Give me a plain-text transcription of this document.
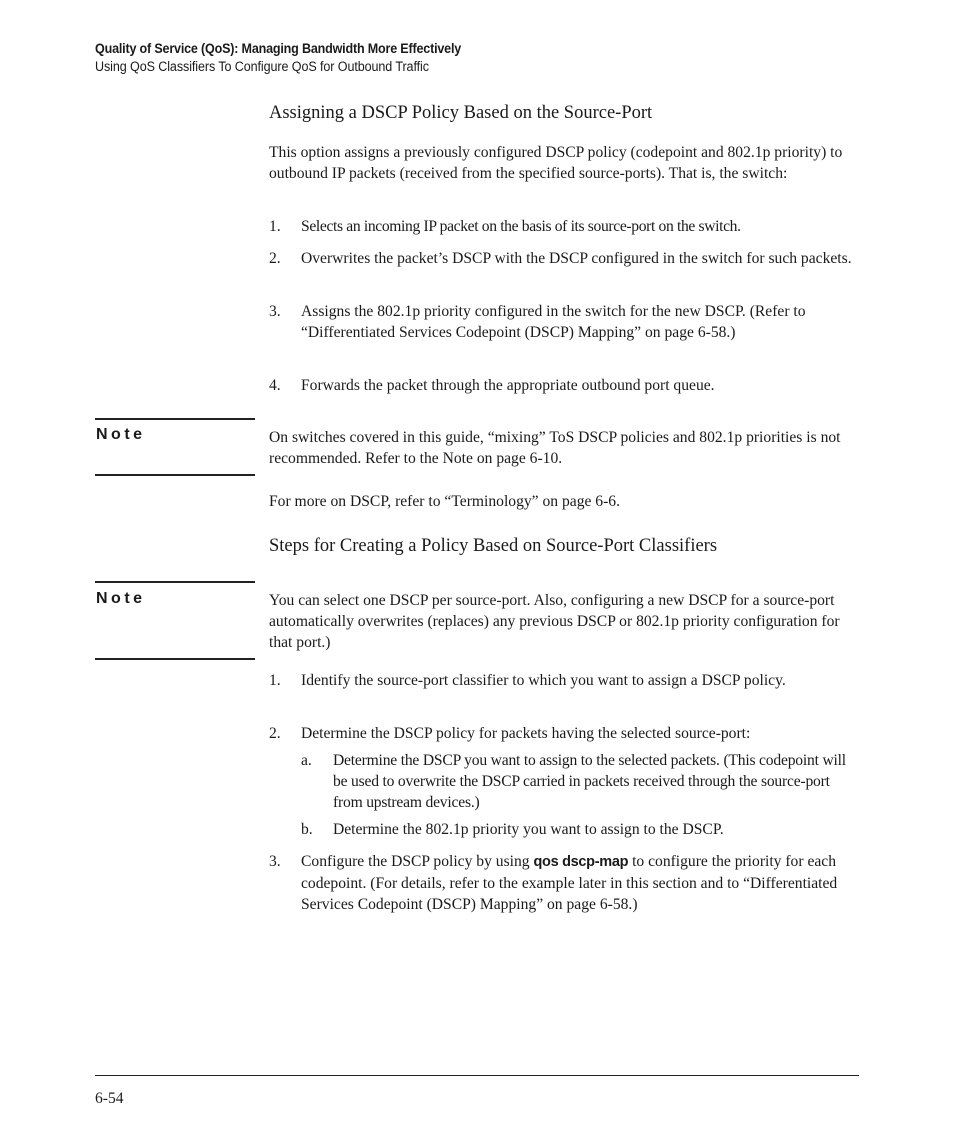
Quality of Service (QoS): Managing Bandwidth More Effectively
Using QoS Classifiers To Configure QoS for Outbound Traffic
Assigning a DSCP Policy Based on the Source-Port
This option assigns a previously configured DSCP policy (codepoint and 802.1p priority) to outbound IP packets (received from the specified source-ports). That is, the switch:
1. Selects an incoming IP packet on the basis of its source-port on the switch.
2. Overwrites the packet’s DSCP with the DSCP configured in the switch for such packets.
3. Assigns the 802.1p priority configured in the switch for the new DSCP. (Refer to “Differentiated Services Codepoint (DSCP) Mapping” on page 6-58.)
4. Forwards the packet through the appropriate outbound port queue.
Note	On switches covered in this guide, “mixing” ToS DSCP policies and 802.1p priorities is not recommended. Refer to the Note on page 6-10.
For more on DSCP, refer to “Terminology” on page 6-6.
Steps for Creating a Policy Based on Source-Port Classifiers
Note	You can select one DSCP per source-port. Also, configuring a new DSCP for a source-port automatically overwrites (replaces) any previous DSCP or 802.1p priority configuration for that port.)
1. Identify the source-port classifier to which you want to assign a DSCP policy.
2. Determine the DSCP policy for packets having the selected source-port:
a. Determine the DSCP you want to assign to the selected packets. (This codepoint will be used to overwrite the DSCP carried in packets received through the source-port from upstream devices.)
b. Determine the 802.1p priority you want to assign to the DSCP.
3. Configure the DSCP policy by using qos dscp-map to configure the priority for each codepoint. (For details, refer to the example later in this section and to “Differentiated Services Codepoint (DSCP) Mapping” on page 6-58.)
6-54
